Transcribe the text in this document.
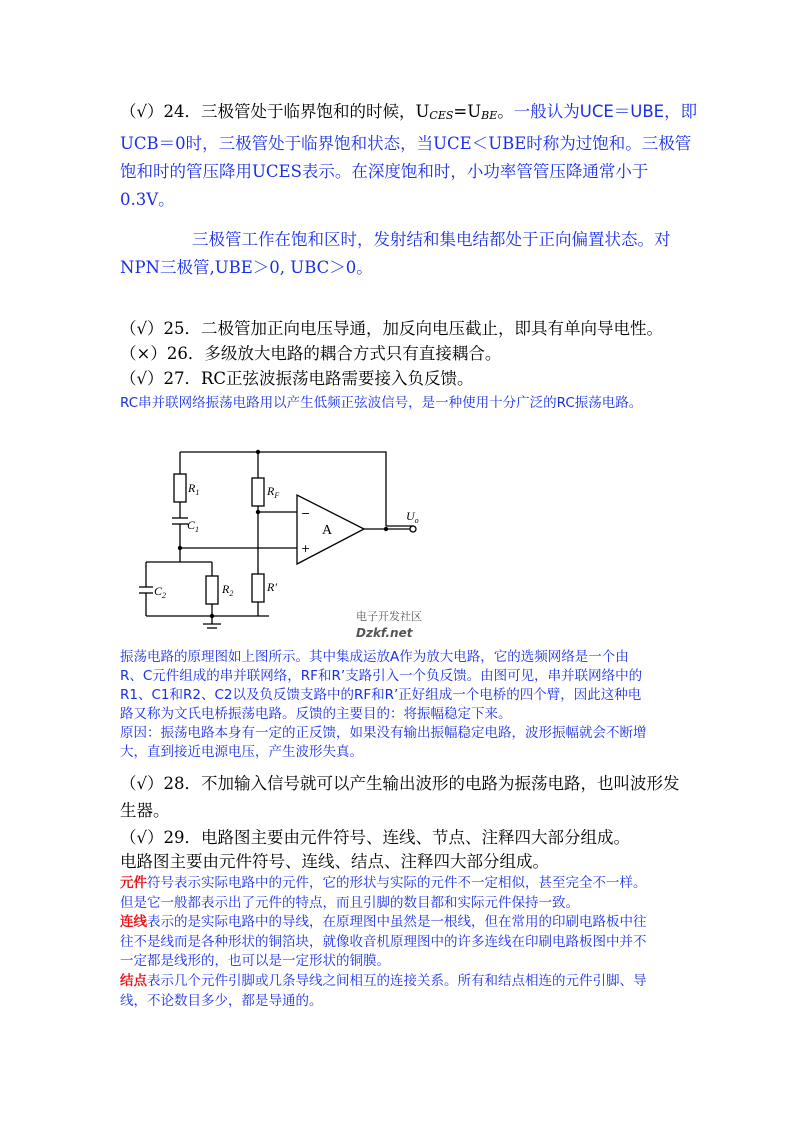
（√）24．三极管处于临界饱和的时候，UCES=UBE。一般认为UCE＝UBE，即
UCB＝0时，三极管处于临界饱和状态，当UCE＜UBE时称为过饱和。三极管
饱和时的管压降用UCES表示。在深度饱和时，小功率管管压降通常小于
0.3V。
三极管工作在饱和区时，发射结和集电结都处于正向偏置状态。对
NPN三极管,UBE＞0, UBC＞0。
（√）25．二极管加正向电压导通，加反向电压截止，即具有单向导电性。
（×）26．多级放大电路的耦合方式只有直接耦合。
（√）27．RC正弦波振荡电路需要接入负反馈。
RC串并联网络振荡电路用以产生低频正弦波信号，是一种使用十分广泛的RC振荡电路。
$R_1$
$C_1$
$R_F$
$C_2$	$R_2$	R'
$U_o$
A
−
+
电子开发社区
Dzkf.net
振荡电路的原理图如上图所示。其中集成运放A作为放大电路，它的选频网络是一个由
R、C元件组成的串并联网络，RF和R’支路引入一个负反馈。由图可见，串并联网络中的
R1、C1和R2、C2以及负反馈支路中的RF和R’正好组成一个电桥的四个臂，因此这种电
路又称为文氏电桥振荡电路。反馈的主要目的：将振幅稳定下来。
原因：振荡电路本身有一定的正反馈，如果没有输出振幅稳定电路，波形振幅就会不断增
大，直到接近电源电压，产生波形失真。
（√）28．不加输入信号就可以产生输出波形的电路为振荡电路，也叫波形发
生器。
（√）29．电路图主要由元件符号、连线、节点、注释四大部分组成。
电路图主要由元件符号、连线、结点、注释四大部分组成。
元件符号表示实际电路中的元件，它的形状与实际的元件不一定相似，甚至完全不一样。
但是它一般都表示出了元件的特点，而且引脚的数目都和实际元件保持一致。
连线表示的是实际电路中的导线，在原理图中虽然是一根线，但在常用的印刷电路板中往
往不是线而是各种形状的铜箔块，就像收音机原理图中的许多连线在印刷电路板图中并不
一定都是线形的，也可以是一定形状的铜膜。
结点表示几个元件引脚或几条导线之间相互的连接关系。所有和结点相连的元件引脚、导
线，不论数目多少，都是导通的。
